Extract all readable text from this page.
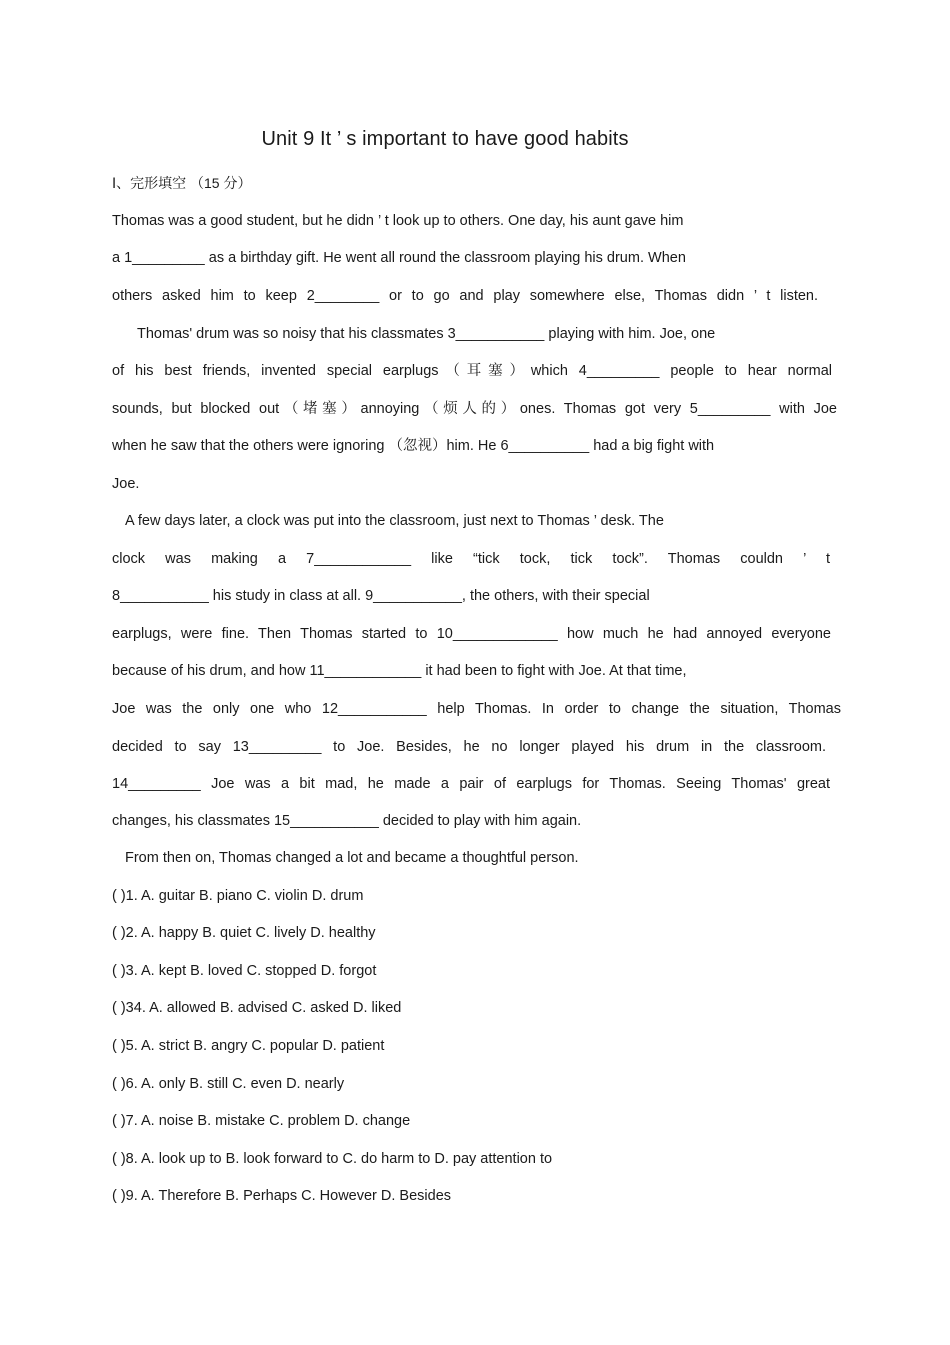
Unit 9 It ’ s important to have good habits
Ⅰ、完形填空 （15 分）
Thomas was a good student, but he didn ’ t look up to others. One day, his aunt gave him
a 1_________ as a birthday gift. He went all round the classroom playing his drum. When
others asked him to keep 2________ or to go and play somewhere else, Thomas didn ’ t listen.
Thomas' drum was so noisy that his classmates 3___________ playing with him. Joe, one
of his best friends, invented special earplugs（耳塞）which 4_________ people to hear normal
sounds, but blocked out（堵塞）annoying（烦人的）ones. Thomas got very 5_________ with Joe
when he saw that the others were ignoring （忽视）him. He 6__________ had a big fight with
Joe.
A few days later, a clock was put into the classroom, just next to Thomas ’ desk. The
clock was making a 7____________ like “tick tock, tick tock”. Thomas couldn ’ t
8___________ his study in class at all. 9___________, the others, with their special
earplugs, were fine. Then Thomas started to 10_____________ how much he had annoyed everyone
because of his drum, and how 11____________ it had been to fight with Joe. At that time,
Joe was the only one who 12___________ help Thomas. In order to change the situation, Thomas
decided to say 13_________ to Joe. Besides, he no longer played his drum in the classroom.
14_________ Joe was a bit mad, he made a pair of earplugs for Thomas. Seeing Thomas' great
changes, his classmates 15___________ decided to play with him again.
From then on, Thomas changed a lot and became a thoughtful person.
( )1. A. guitar B. piano C. violin D. drum
( )2. A. happy B. quiet C. lively D. healthy
( )3. A. kept B. loved C. stopped D. forgot
( )34. A. allowed B. advised C. asked D. liked
( )5. A. strict B. angry C. popular D. patient
( )6. A. only B. still C. even D. nearly
( )7. A. noise B. mistake C. problem D. change
( )8. A. look up to B. look forward to C. do harm to D. pay attention to
( )9. A. Therefore B. Perhaps C. However D. Besides
